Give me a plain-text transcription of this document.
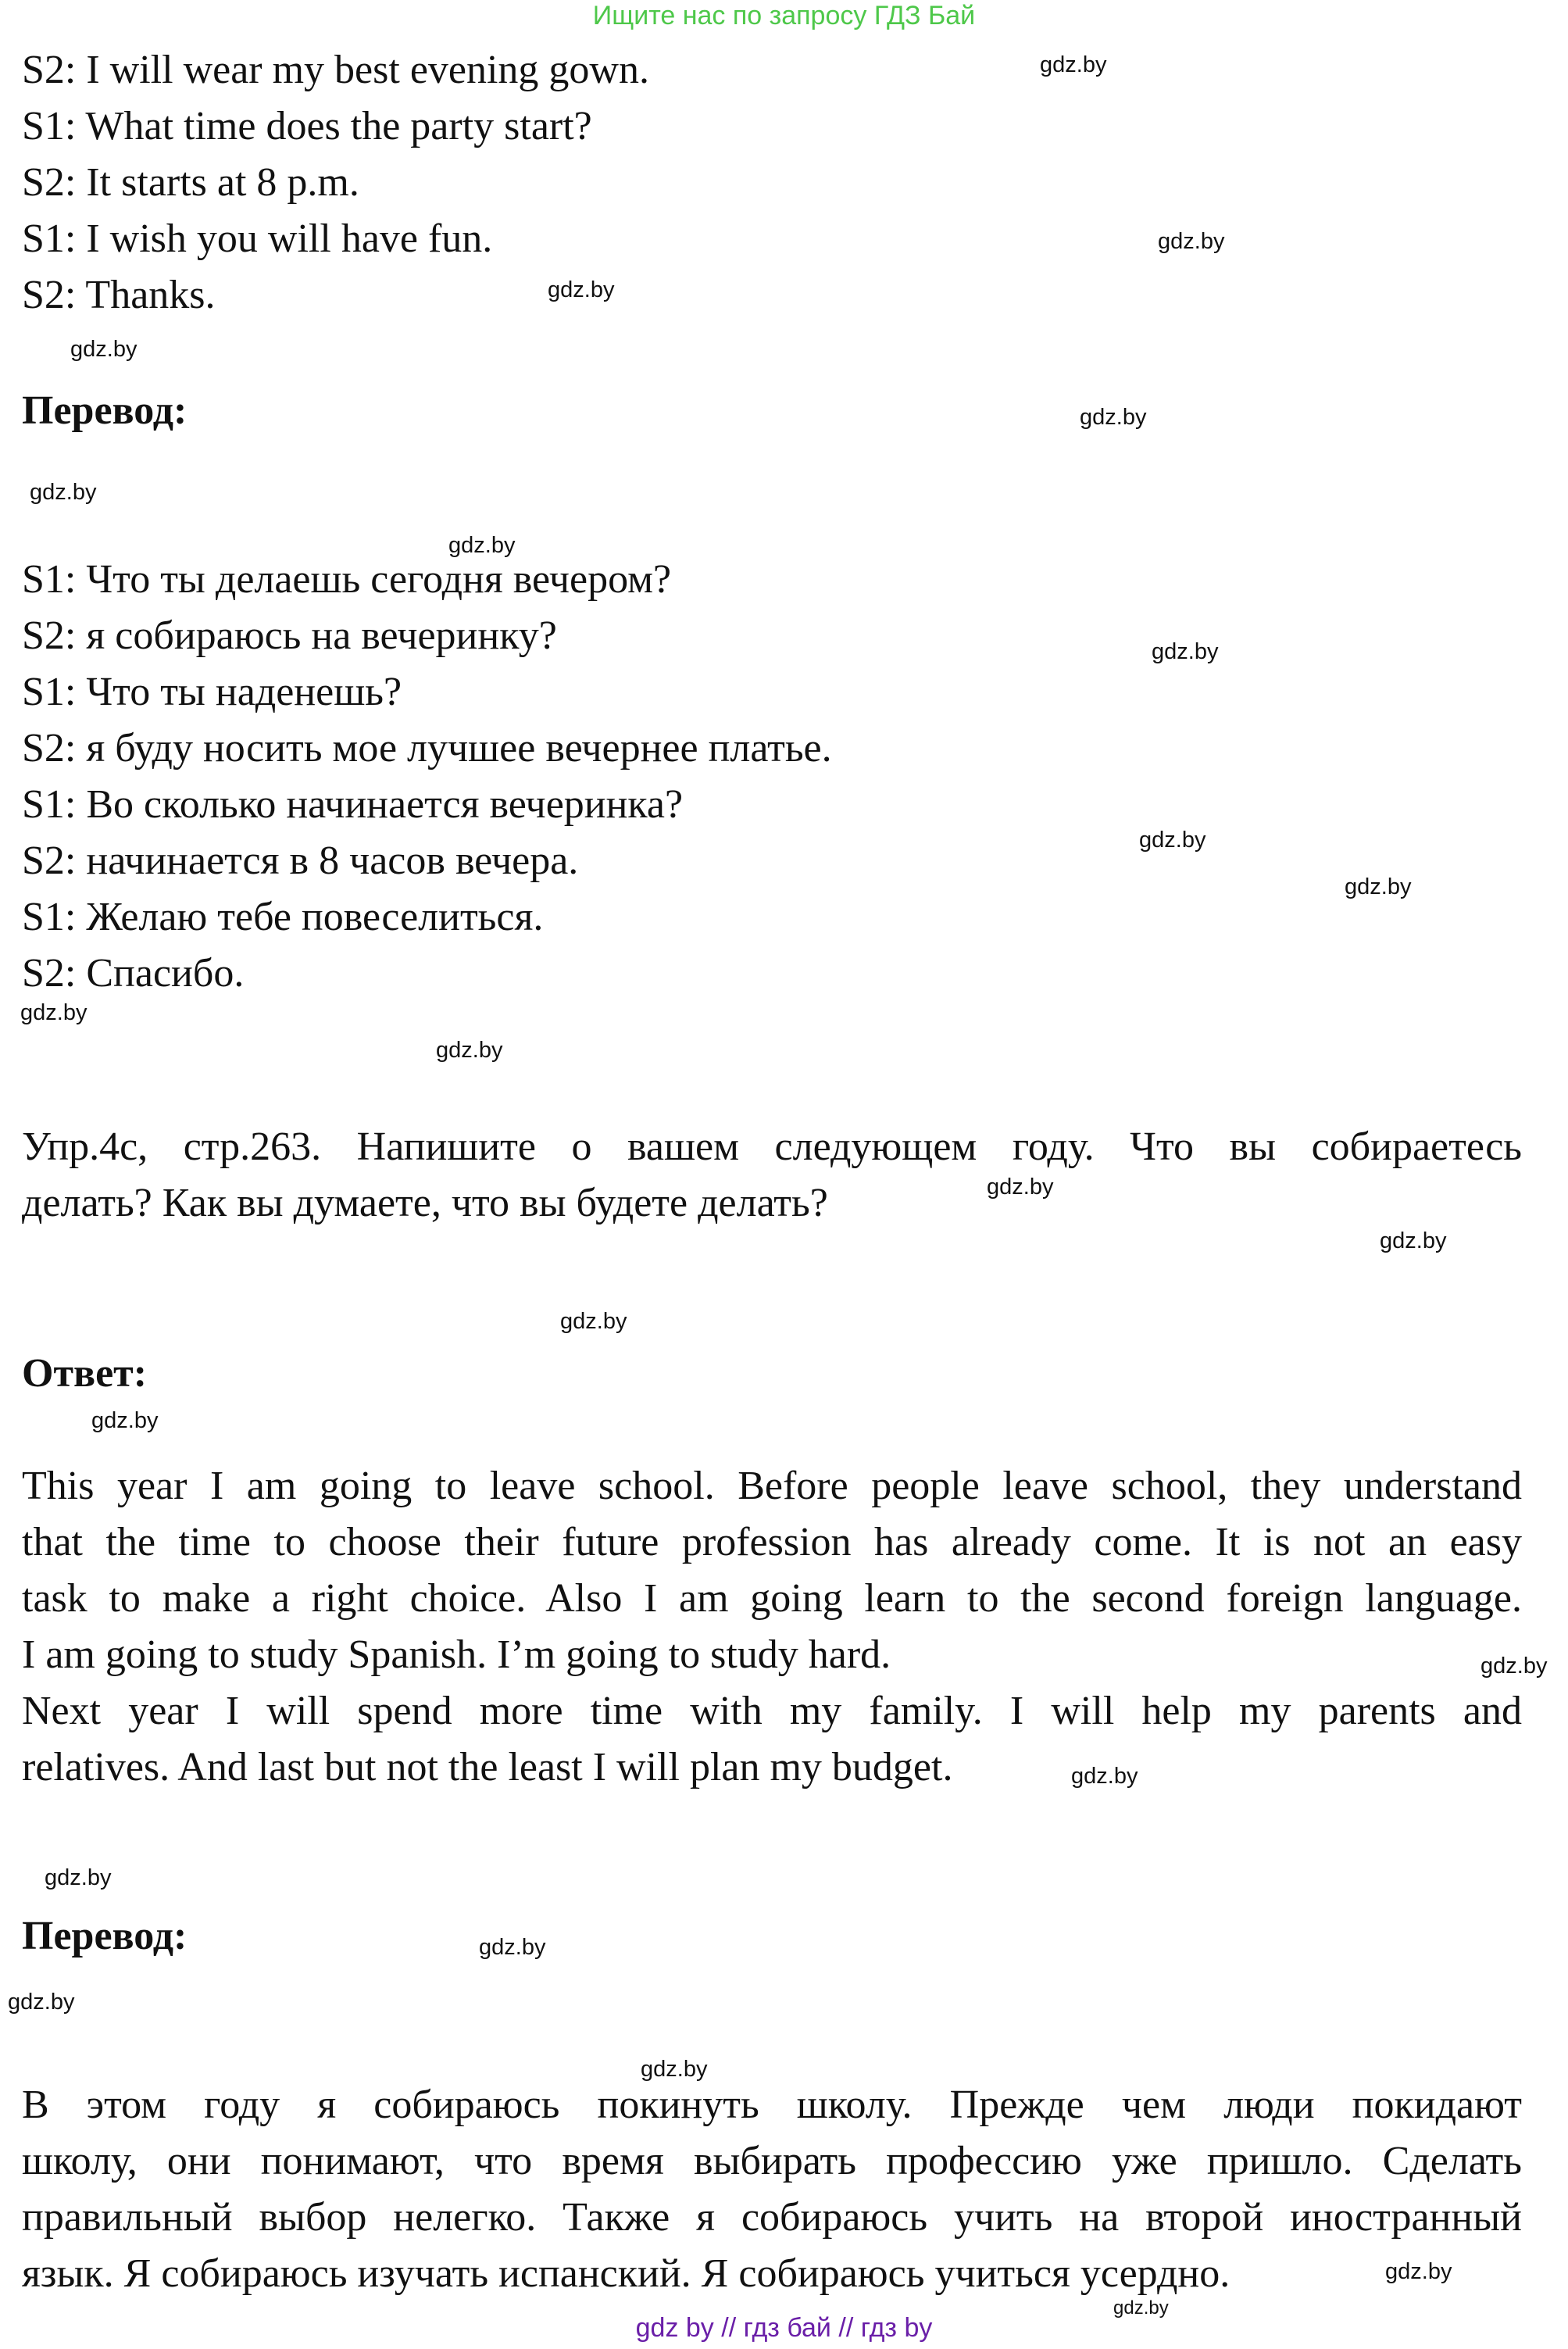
Ищите нас по запросу ГДЗ Бай
S2: I will wear my best evening gown.
S1: What time does the party start?
S2: It starts at 8 p.m.
S1: I wish you will have fun.
S2: Thanks.
Перевод:
S1: Что ты делаешь сегодня вечером?
S2: я собираюсь на вечеринку?
S1: Что ты наденешь?
S2: я буду носить мое лучшее вечернее платье.
S1: Во сколько начинается вечеринка?
S2: начинается в 8 часов вечера.
S1: Желаю тебе повеселиться.
S2: Спасибо.
Упр.4c, стр.263. Напишите о вашем следующем году. Что вы собираетесь
делать? Как вы думаете, что вы будете делать?
Ответ:
This year I am going to leave school. Before people leave school, they understand
that the time to choose their future profession has already come. It is not an easy
task to make a right choice. Also I am going learn to the second foreign language.
I am going to study Spanish. I’m going to study hard.
Next year I will spend more time with my family. I will help my parents and
relatives. And last but not the least I will plan my budget.
Перевод:
В этом году я собираюсь покинуть школу. Прежде чем люди покидают
школу, они понимают, что время выбирать профессию уже пришло. Сделать
правильный выбор нелегко. Также я собираюсь учить на второй иностранный
язык. Я собираюсь изучать испанский. Я собираюсь учиться усердно.
gdz.by
gdz.by
gdz.by
gdz.by
gdz.by
gdz.by
gdz.by
gdz.by
gdz.by
gdz.by
gdz.by
gdz.by
gdz.by
gdz.by
gdz.by
gdz.by
gdz.by
gdz.by
gdz.by
gdz.by
gdz.by
gdz.by
gdz.by
gdz.by
gdz by // гдз бай // гдз by
